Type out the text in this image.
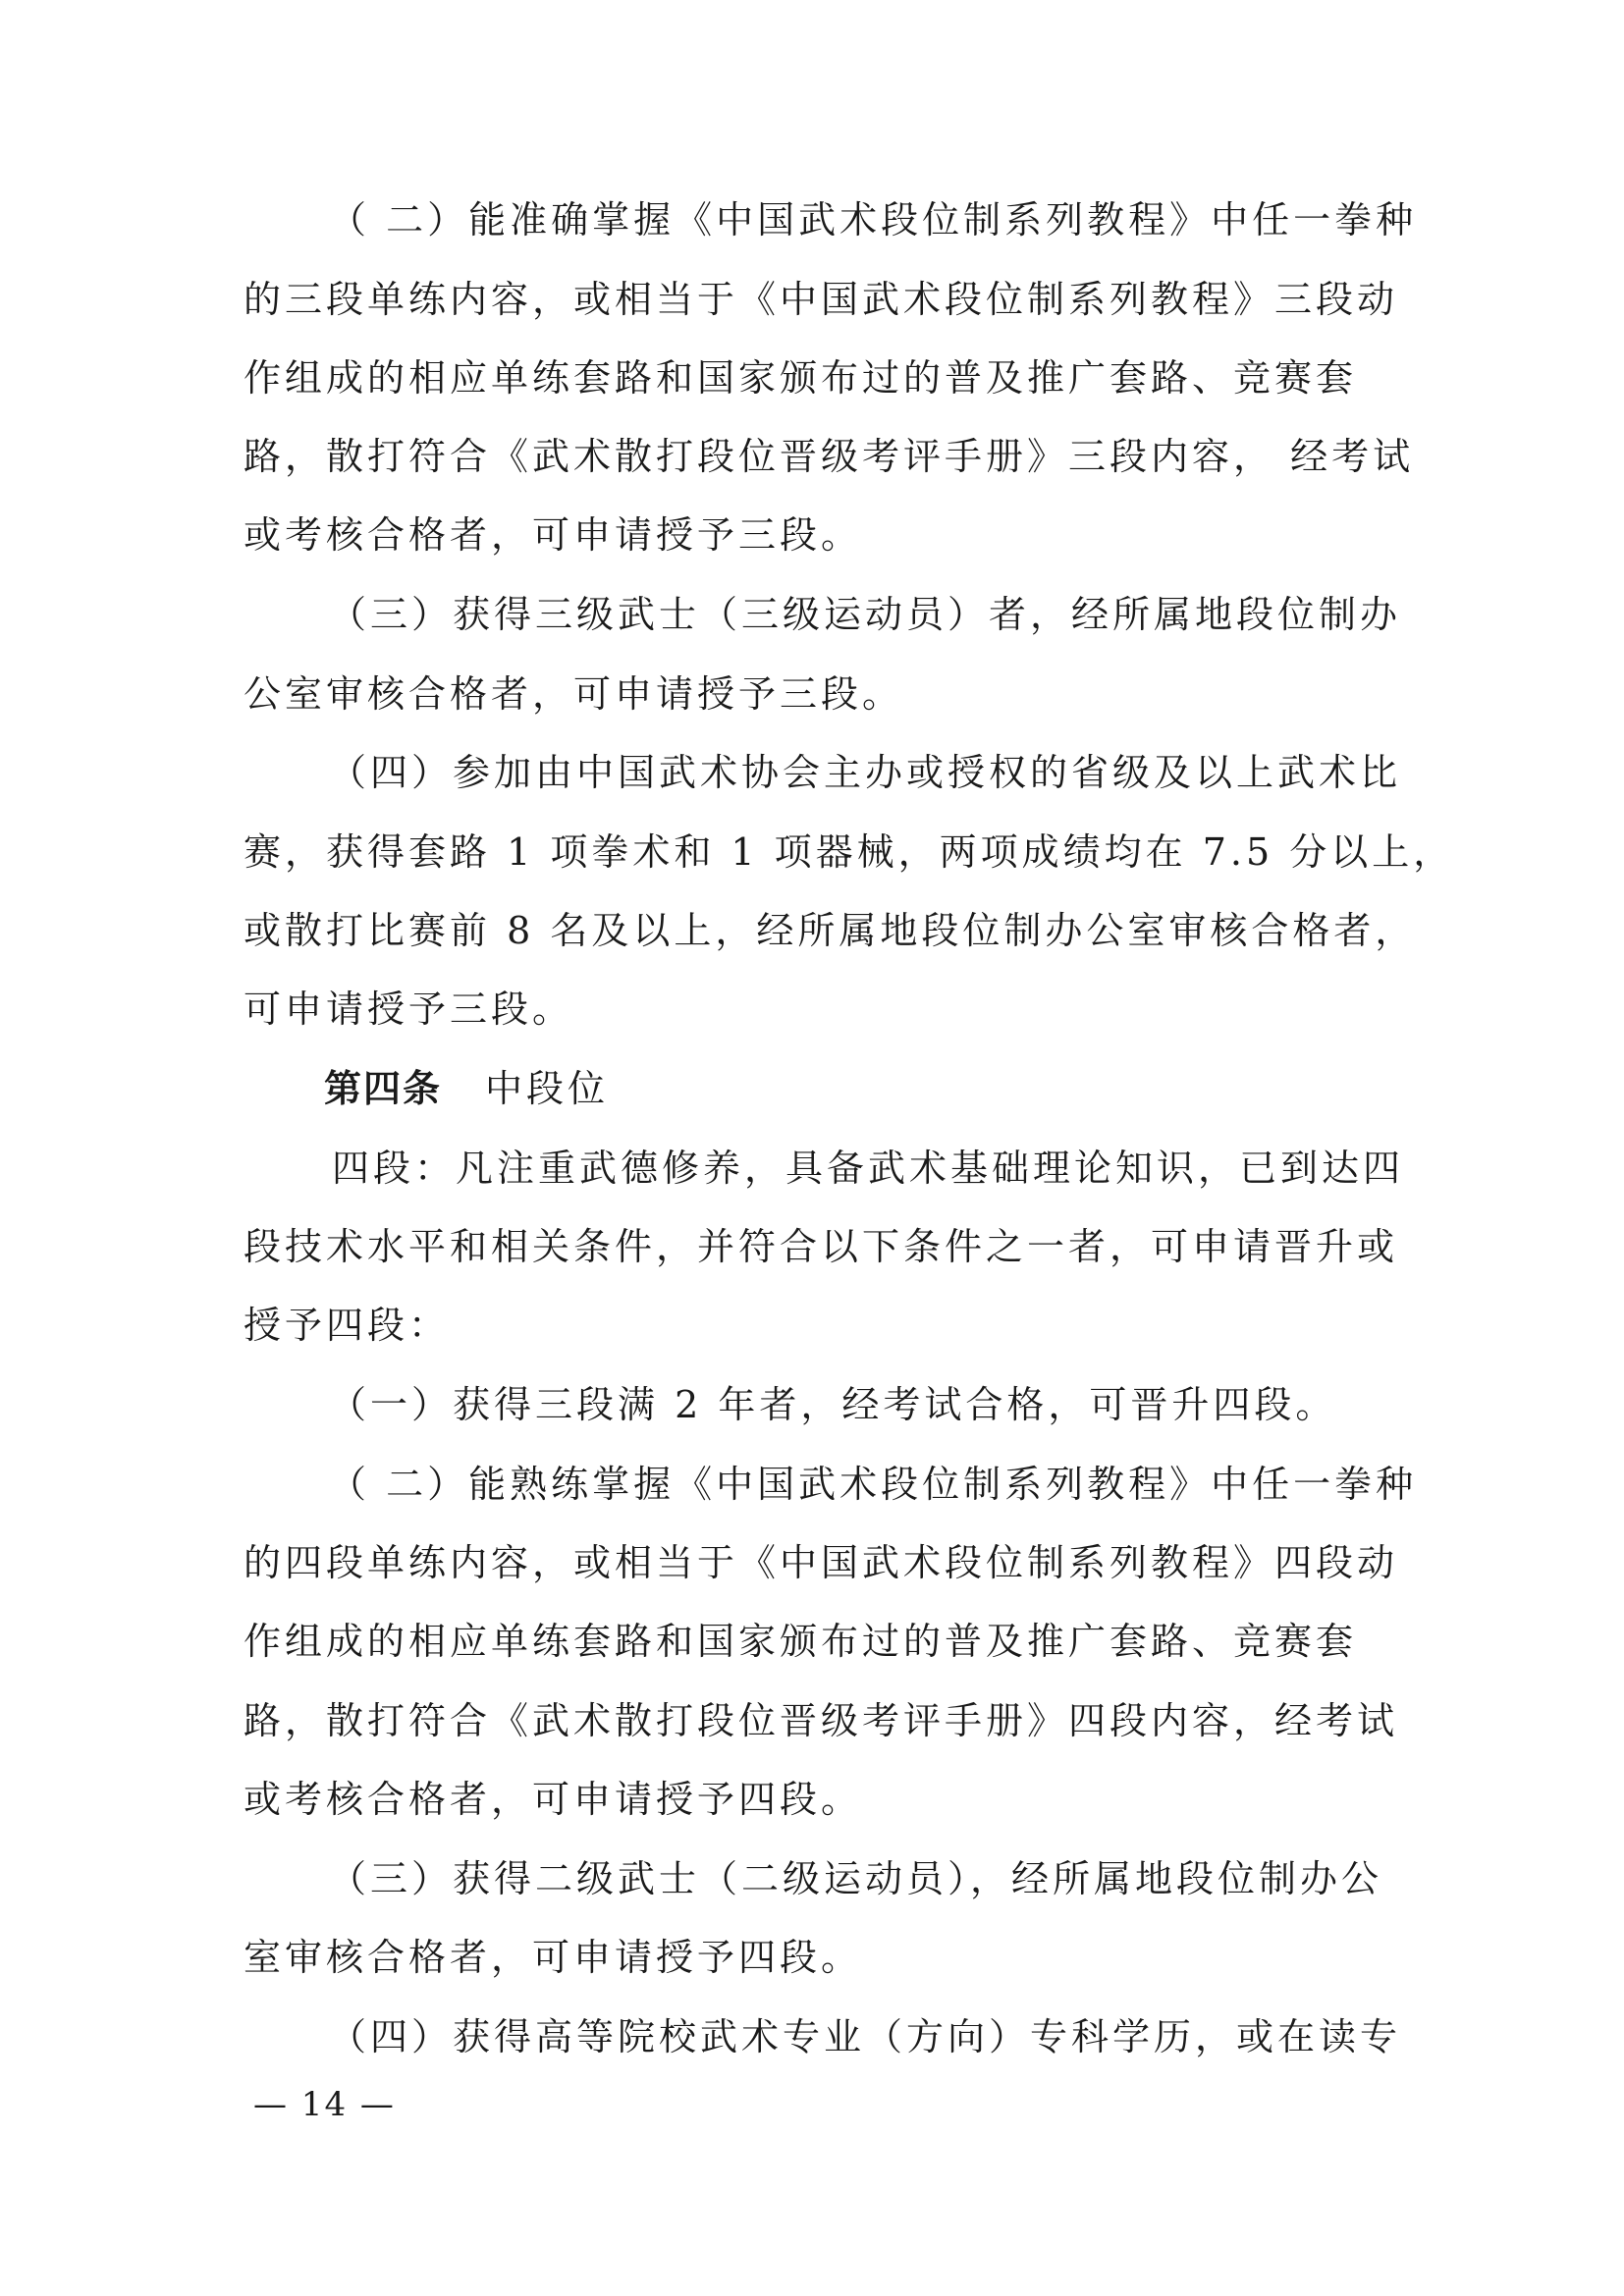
（ 二）能准确掌握《中国武术段位制系列教程》中任一拳种
的三段单练内容，或相当于《中国武术段位制系列教程》三段动
作组成的相应单练套路和国家颁布过的普及推广套路、竞赛套
路，散打符合《武术散打段位晋级考评手册》三段内容， 经考试
或考核合格者，可申请授予三段。
（三）获得三级武士（三级运动员）者，经所属地段位制办
公室审核合格者，可申请授予三段。
（四）参加由中国武术协会主办或授权的省级及以上武术比
赛，获得套路 1 项拳术和 1 项器械，两项成绩均在 7.5 分以上，
或散打比赛前 8 名及以上，经所属地段位制办公室审核合格者，
可申请授予三段。
第四条 中段位
四段：凡注重武德修养，具备武术基础理论知识，已到达四
段技术水平和相关条件，并符合以下条件之一者，可申请晋升或
授予四段：
（一）获得三段满 2 年者，经考试合格，可晋升四段。
（ 二）能熟练掌握《中国武术段位制系列教程》中任一拳种
的四段单练内容，或相当于《中国武术段位制系列教程》四段动
作组成的相应单练套路和国家颁布过的普及推广套路、竞赛套
路，散打符合《武术散打段位晋级考评手册》四段内容，经考试
或考核合格者，可申请授予四段。
（三）获得二级武士（二级运动员），经所属地段位制办公
室审核合格者，可申请授予四段。
（四）获得高等院校武术专业（方向）专科学历，或在读专
— 14 —
